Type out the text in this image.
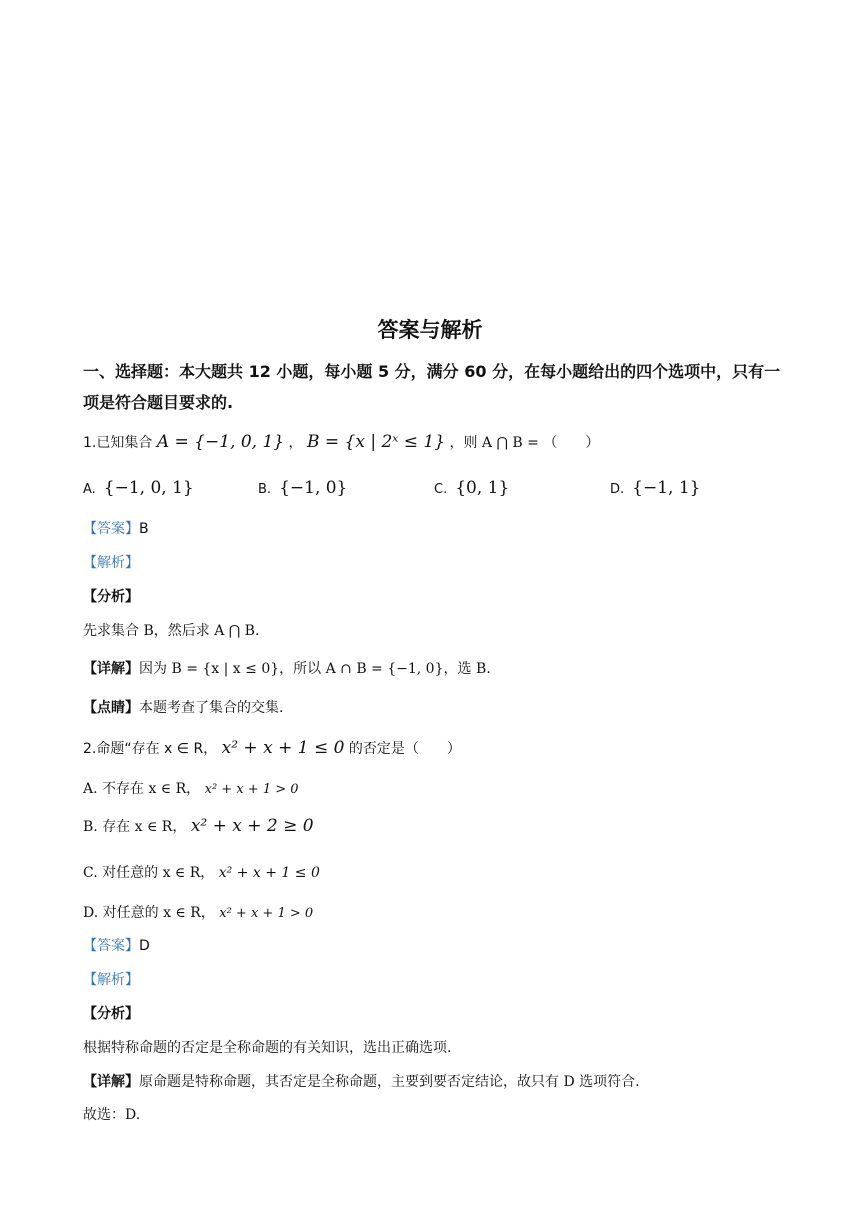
答案与解析
一、选择题：本大题共 12 小题，每小题 5 分，满分 60 分，在每小题给出的四个选项中，只有一项是符合题目要求的.
1.已知集合 A = {−1, 0, 1} ， B = {x | 2ˣ ≤ 1} ，则 A ⋂ B = （　　）
A. {−1, 0, 1}	B. {−1, 0}	C. {0, 1}	D. {−1, 1}
【答案】B
【解析】
【分析】
先求集合 B，然后求 A ⋂ B.
【详解】因为 B = {x | x ≤ 0}，所以 A ∩ B = {−1, 0}，选 B.
【点睛】本题考查了集合的交集.
2.命题“存在 x ∈ R， x² + x + 1 ≤ 0 的否定是（　　）
A. 不存在 x ∈ R， x² + x + 1 > 0
B. 存在 x ∈ R， x² + x + 2 ≥ 0
C. 对任意的 x ∈ R， x² + x + 1 ≤ 0
D. 对任意的 x ∈ R， x² + x + 1 > 0
【答案】D
【解析】
【分析】
根据特称命题的否定是全称命题的有关知识，选出正确选项.
【详解】原命题是特称命题，其否定是全称命题，主要到要否定结论，故只有 D 选项符合.
故选：D.
